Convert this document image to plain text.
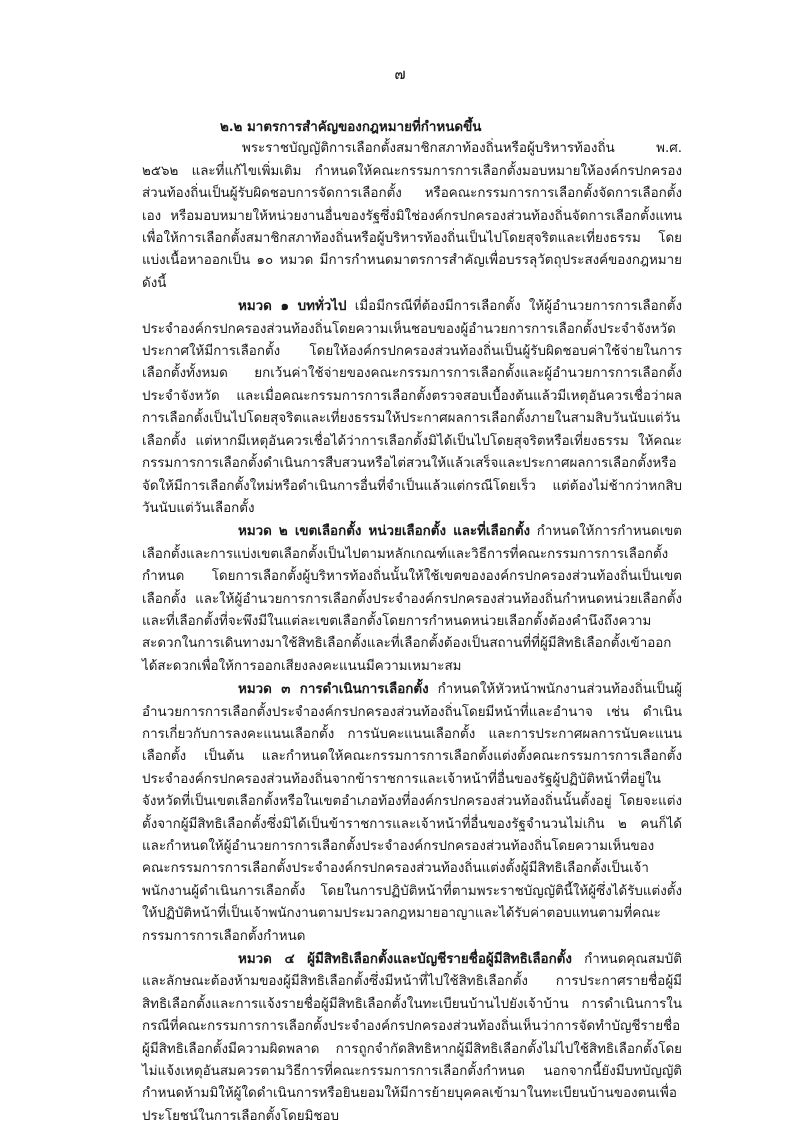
๗
๒.๒ มาตรการสำคัญของกฎหมายที่กำหนดขึ้น

พระราชบัญญัติการเลือกตั้งสมาชิกสภาท้องถิ่นหรือผู้บริหารท้องถิ่น พ.ศ. ๒๕๖๒ และที่แก้ไขเพิ่มเติม กำหนดให้คณะกรรมการการเลือกตั้งมอบหมายให้องค์กรปกครองส่วนท้องถิ่นเป็นผู้รับผิดชอบการจัดการเลือกตั้ง หรือคณะกรรมการการเลือกตั้งจัดการเลือกตั้งเอง หรือมอบหมายให้หน่วยงานอื่นของรัฐซึ่งมิใช่องค์กรปกครองส่วนท้องถิ่นจัดการเลือกตั้งแทน เพื่อให้การเลือกตั้งสมาชิกสภาท้องถิ่นหรือผู้บริหารท้องถิ่นเป็นไปโดยสุจริตและเที่ยงธรรม โดยแบ่งเนื้อหาออกเป็น ๑๐ หมวด มีการกำหนดมาตรการสำคัญเพื่อบรรลุวัตถุประสงค์ของกฎหมาย ดังนี้

หมวด ๑ บททั่วไป เมื่อมีกรณีที่ต้องมีการเลือกตั้ง ให้ผู้อำนวยการการเลือกตั้งประจำองค์กรปกครองส่วนท้องถิ่นโดยความเห็นชอบของผู้อำนวยการการเลือกตั้งประจำจังหวัดประกาศให้มีการเลือกตั้ง โดยให้องค์กรปกครองส่วนท้องถิ่นเป็นผู้รับผิดชอบค่าใช้จ่ายในการเลือกตั้งทั้งหมด ยกเว้นค่าใช้จ่ายของคณะกรรมการการเลือกตั้งและผู้อำนวยการการเลือกตั้งประจำจังหวัด และเมื่อคณะกรรมการการเลือกตั้งตรวจสอบเบื้องต้นแล้วมีเหตุอันควรเชื่อว่าผลการเลือกตั้งเป็นไปโดยสุจริตและเที่ยงธรรมให้ประกาศผลการเลือกตั้งภายในสามสิบวันนับแต่วันเลือกตั้ง แต่หากมีเหตุอันควรเชื่อได้ว่าการเลือกตั้งมิได้เป็นไปโดยสุจริตหรือเที่ยงธรรม ให้คณะกรรมการการเลือกตั้งดำเนินการสืบสวนหรือไต่สวนให้แล้วเสร็จและประกาศผลการเลือกตั้งหรือจัดให้มีการเลือกตั้งใหม่หรือดำเนินการอื่นที่จำเป็นแล้วแต่กรณีโดยเร็ว แต่ต้องไม่ช้ากว่าหกสิบวันนับแต่วันเลือกตั้ง

หมวด ๒ เขตเลือกตั้ง หน่วยเลือกตั้ง และที่เลือกตั้ง กำหนดให้การกำหนดเขตเลือกตั้งและการแบ่งเขตเลือกตั้งเป็นไปตามหลักเกณฑ์และวิธีการที่คณะกรรมการการเลือกตั้งกำหนด โดยการเลือกตั้งผู้บริหารท้องถิ่นนั้นให้ใช้เขตขององค์กรปกครองส่วนท้องถิ่นเป็นเขตเลือกตั้ง และให้ผู้อำนวยการการเลือกตั้งประจำองค์กรปกครองส่วนท้องถิ่นกำหนดหน่วยเลือกตั้งและที่เลือกตั้งที่จะพึงมีในแต่ละเขตเลือกตั้งโดยการกำหนดหน่วยเลือกตั้งต้องคำนึงถึงความสะดวกในการเดินทางมาใช้สิทธิเลือกตั้งและที่เลือกตั้งต้องเป็นสถานที่ที่ผู้มีสิทธิเลือกตั้งเข้าออกได้สะดวกเพื่อให้การออกเสียงลงคะแนนมีความเหมาะสม

หมวด ๓ การดำเนินการเลือกตั้ง กำหนดให้หัวหน้าพนักงานส่วนท้องถิ่นเป็นผู้อำนวยการการเลือกตั้งประจำองค์กรปกครองส่วนท้องถิ่นโดยมีหน้าที่และอำนาจ เช่น ดำเนินการเกี่ยวกับการลงคะแนนเลือกตั้ง การนับคะแนนเลือกตั้ง และการประกาศผลการนับคะแนนเลือกตั้ง เป็นต้น และกำหนดให้คณะกรรมการการเลือกตั้งแต่งตั้งคณะกรรมการการเลือกตั้งประจำองค์กรปกครองส่วนท้องถิ่นจากข้าราชการและเจ้าหน้าที่อื่นของรัฐผู้ปฏิบัติหน้าที่อยู่ในจังหวัดที่เป็นเขตเลือกตั้งหรือในเขตอำเภอท้องที่องค์กรปกครองส่วนท้องถิ่นนั้นตั้งอยู่ โดยจะแต่งตั้งจากผู้มีสิทธิเลือกตั้งซึ่งมิได้เป็นข้าราชการและเจ้าหน้าที่อื่นของรัฐจำนวนไม่เกิน ๒ คนก็ได้ และกำหนดให้ผู้อำนวยการการเลือกตั้งประจำองค์กรปกครองส่วนท้องถิ่นโดยความเห็นของคณะกรรมการการเลือกตั้งประจำองค์กรปกครองส่วนท้องถิ่นแต่งตั้งผู้มีสิทธิเลือกตั้งเป็นเจ้าพนักงานผู้ดำเนินการเลือกตั้ง โดยในการปฏิบัติหน้าที่ตามพระราชบัญญัตินี้ให้ผู้ซึ่งได้รับแต่งตั้งให้ปฏิบัติหน้าที่เป็นเจ้าพนักงานตามประมวลกฎหมายอาญาและได้รับค่าตอบแทนตามที่คณะกรรมการการเลือกตั้งกำหนด

หมวด ๔ ผู้มีสิทธิเลือกตั้งและบัญชีรายชื่อผู้มีสิทธิเลือกตั้ง กำหนดคุณสมบัติและลักษณะต้องห้ามของผู้มีสิทธิเลือกตั้งซึ่งมีหน้าที่ไปใช้สิทธิเลือกตั้ง การประกาศรายชื่อผู้มีสิทธิเลือกตั้งและการแจ้งรายชื่อผู้มีสิทธิเลือกตั้งในทะเบียนบ้านไปยังเจ้าบ้าน การดำเนินการในกรณีที่คณะกรรมการการเลือกตั้งประจำองค์กรปกครองส่วนท้องถิ่นเห็นว่าการจัดทำบัญชีรายชื่อผู้มีสิทธิเลือกตั้งมีความผิดพลาด การถูกจำกัดสิทธิหากผู้มีสิทธิเลือกตั้งไม่ไปใช้สิทธิเลือกตั้งโดยไม่แจ้งเหตุอันสมควรตามวิธีการที่คณะกรรมการการเลือกตั้งกำหนด นอกจากนี้ยังมีบทบัญญัติกำหนดห้ามมิให้ผู้ใดดำเนินการหรือยินยอมให้มีการย้ายบุคคลเข้ามาในทะเบียนบ้านของตนเพื่อประโยชน์ในการเลือกตั้งโดยมิชอบ
